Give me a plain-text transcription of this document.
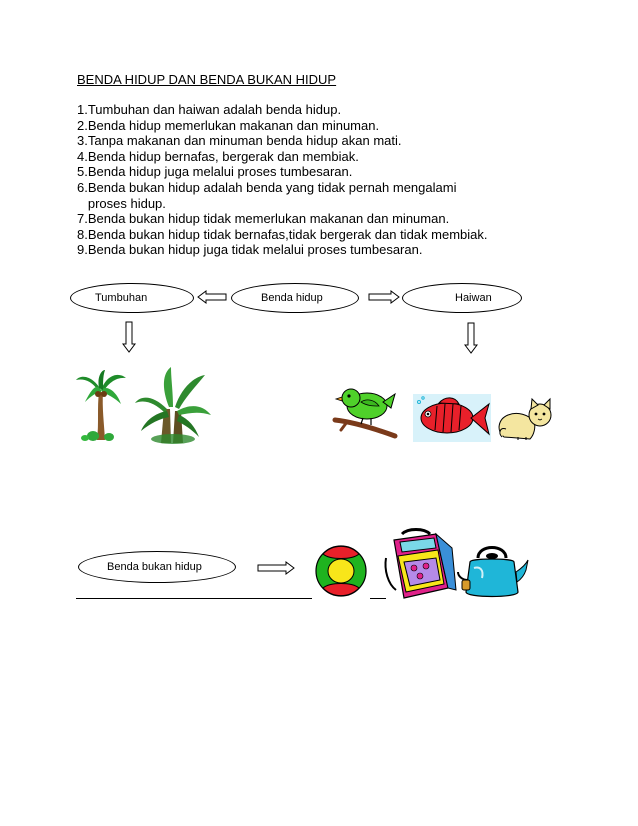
BENDA HIDUP DAN BENDA BUKAN HIDUP
1.Tumbuhan dan haiwan adalah benda hidup.
2.Benda hidup memerlukan makanan dan minuman.
3.Tanpa makanan dan minuman benda hidup akan mati.
4.Benda hidup bernafas, bergerak dan membiak.
5.Benda hidup juga melalui proses tumbesaran.
6.Benda bukan hidup adalah benda yang tidak pernah mengalami
proses hidup.
7.Benda bukan hidup tidak memerlukan makanan dan minuman.
8.Benda bukan hidup tidak bernafas,tidak bergerak dan tidak membiak.
9.Benda bukan hidup juga tidak melalui proses tumbesaran.
Tumbuhan	Benda hidup	Haiwan
Benda bukan hidup
